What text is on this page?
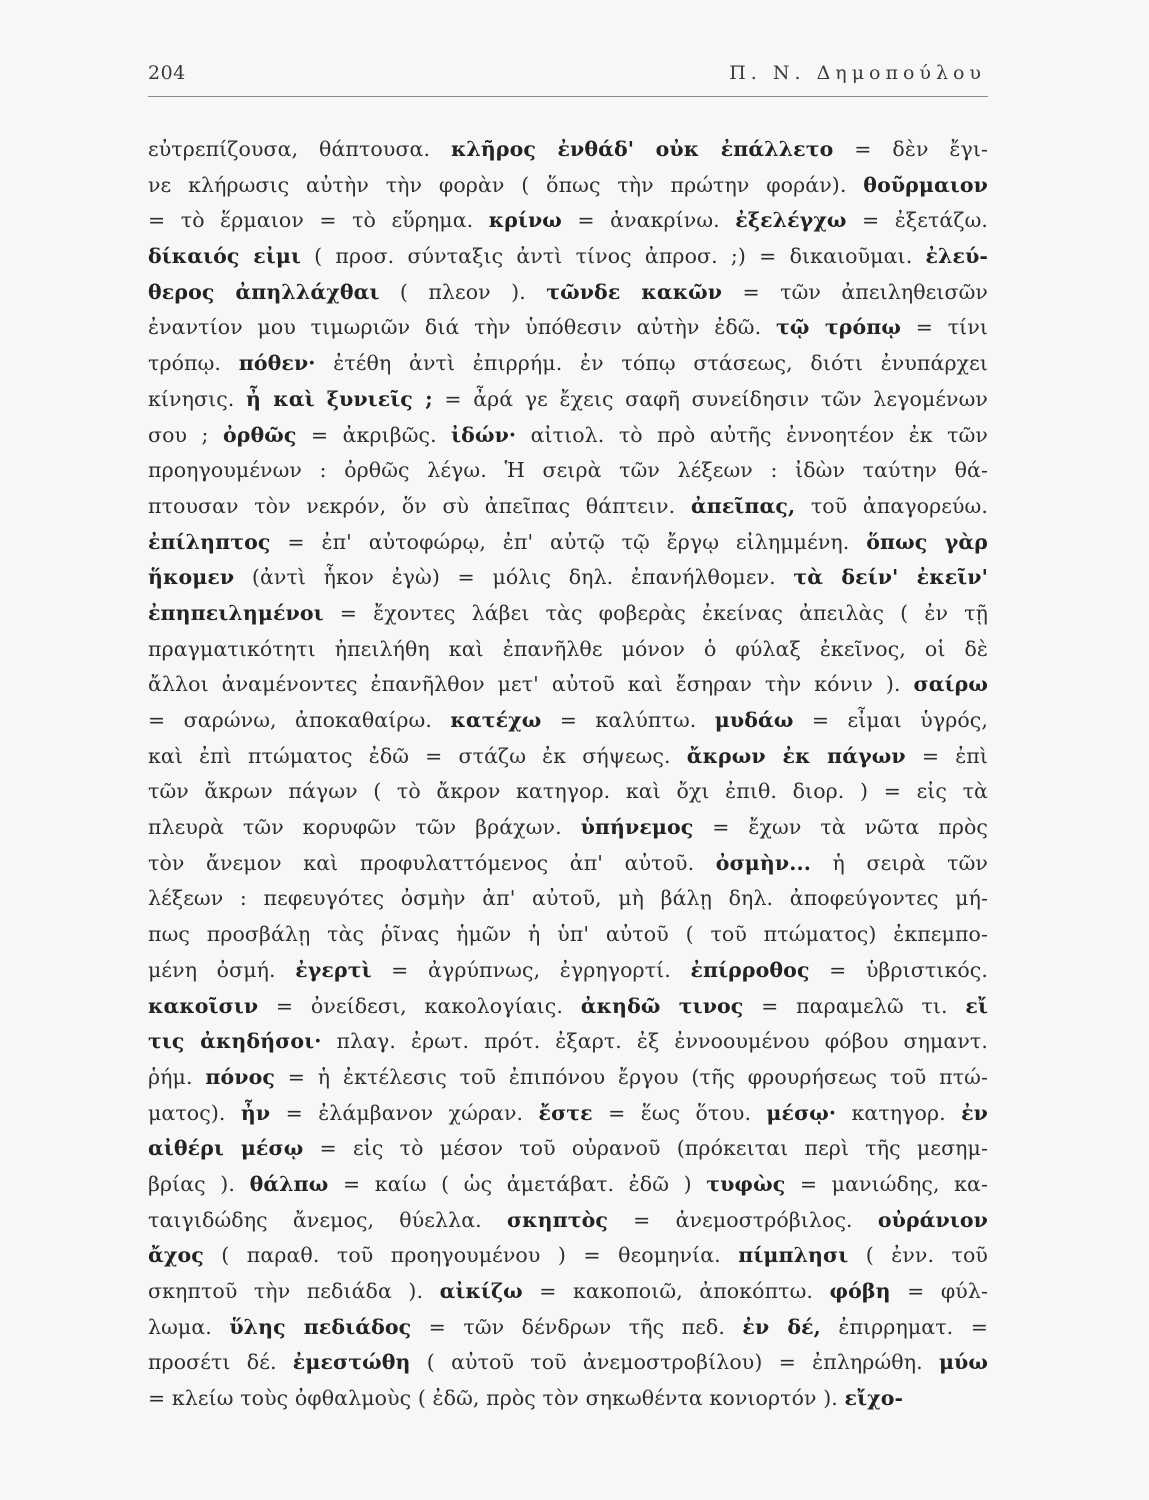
204	Π. Ν. Δημοπούλου
εὐτρεπίζουσα, θάπτουσα. κλῆρος ἐνθάδ' οὐκ ἐπάλλετο = δὲν ἔγι-
νε κλήρωσις αὐτὴν τὴν φορὰν ( ὅπως τὴν πρώτην φοράν). θοῦρμαιον
= τὸ ἕρμαιον = τὸ εὕρημα. κρίνω = ἀνακρίνω. ἐξελέγχω = ἐξετάζω.
δίκαιός εἰμι ( προσ. σύνταξις ἀντὶ τίνος ἀπροσ. ;) = δικαιοῦμαι. ἐλεύ-
θερος ἀπηλλάχθαι ( πλεον ). τῶνδε κακῶν = τῶν ἀπειληθεισῶν
ἐναντίον μου τιμωριῶν διά τὴν ὑπόθεσιν αὐτὴν ἐδῶ. τῷ τρόπῳ = τίνι
τρόπῳ. πόθεν· ἐτέθη ἀντὶ ἐπιρρήμ. ἐν τόπῳ στάσεως, διότι ἐνυπάρχει
κίνησις. ἦ καὶ ξυνιεῖς ; = ἆρά γε ἔχεις σαφῆ συνείδησιν τῶν λεγομένων
σου ; ὀρθῶς = ἀκριβῶς. ἰδών· αἰτιολ. τὸ πρὸ αὐτῆς ἐννοητέον ἐκ τῶν
προηγουμένων : ὀρθῶς λέγω. Ἡ σειρὰ τῶν λέξεων : ἰδὼν ταύτην θά-
πτουσαν τὸν νεκρόν, ὅν σὺ ἀπεῖπας θάπτειν. ἀπεῖπας, τοῦ ἀπαγορεύω.
ἐπίληπτος = ἐπ' αὐτοφώρῳ, ἐπ' αὐτῷ τῷ ἔργῳ εἰλημμένη. ὅπως γὰρ
ἥκομεν (ἀντὶ ἧκον ἐγὼ) = μόλις δηλ. ἐπανήλθομεν. τὰ δείν' ἐκεῖν'
ἐπηπειλημένοι = ἔχοντες λάβει τὰς φοβερὰς ἐκείνας ἀπειλὰς ( ἐν τῇ
πραγματικότητι ἠπειλήθη καὶ ἐπανῆλθε μόνον ὁ φύλαξ ἐκεῖνος, οἱ δὲ
ἄλλοι ἀναμένοντες ἐπανῆλθον μετ' αὐτοῦ καὶ ἔσηραν τὴν κόνιν ). σαίρω
= σαρώνω, ἀποκαθαίρω. κατέχω = καλύπτω. μυδάω = εἶμαι ὑγρός,
καὶ ἐπὶ πτώματος ἐδῶ = στάζω ἐκ σήψεως. ἄκρων ἐκ πάγων = ἐπὶ
τῶν ἄκρων πάγων ( τὸ ἄκρον κατηγορ. καὶ ὄχι ἐπιθ. διορ. ) = εἰς τὰ
πλευρὰ τῶν κορυφῶν τῶν βράχων. ὑπήνεμος = ἔχων τὰ νῶτα πρὸς
τὸν ἄνεμον καὶ προφυλαττόμενος ἀπ' αὐτοῦ. ὀσμὴν... ἡ σειρὰ τῶν
λέξεων : πεφευγότες ὀσμὴν ἀπ' αὐτοῦ, μὴ βάλῃ δηλ. ἀποφεύγοντες μή-
πως προσβάλῃ τὰς ῥῖνας ἡμῶν ἡ ὑπ' αὐτοῦ ( τοῦ πτώματος) ἐκπεμπο-
μένη ὀσμή. ἐγερτὶ = ἀγρύπνως, ἐγρηγορτί. ἐπίρροθος = ὑβριστικός.
κακοῖσιν = ὀνείδεσι, κακολογίαις. ἀκηδῶ τινος = παραμελῶ τι. εἴ
τις ἀκηδήσοι· πλαγ. ἐρωτ. πρότ. ἐξαρτ. ἐξ ἐννοουμένου φόβου σημαντ.
ῥήμ. πόνος = ἡ ἐκτέλεσις τοῦ ἐπιπόνου ἔργου (τῆς φρουρήσεως τοῦ πτώ-
ματος). ἦν = ἐλάμβανον χώραν. ἔστε = ἕως ὅτου. μέσῳ· κατηγορ. ἐν
αἰθέρι μέσῳ = εἰς τὸ μέσον τοῦ οὐρανοῦ (πρόκειται περὶ τῆς μεσημ-
βρίας ). θάλπω = καίω ( ὡς ἀμετάβατ. ἐδῶ ) τυφὼς = μανιώδης, κα-
ταιγιδώδης ἄνεμος, θύελλα. σκηπτὸς = ἀνεμοστρόβιλος. οὐράνιον
ἄχος ( παραθ. τοῦ προηγουμένου ) = θεομηνία. πίμπλησι ( ἐνν. τοῦ
σκηπτοῦ τὴν πεδιάδα ). αἰκίζω = κακοποιῶ, ἀποκόπτω. φόβη = φύλ-
λωμα. ὕλης πεδιάδος = τῶν δένδρων τῆς πεδ. ἐν δέ, ἐπιρρηματ. =
προσέτι δέ. ἐμεστώθη ( αὐτοῦ τοῦ ἀνεμοστροβίλου) = ἐπληρώθη. μύω
= κλείω τοὺς ὀφθαλμοὺς ( ἐδῶ, πρὸς τὸν σηκωθέντα κονιορτόν ). εἴχο-
